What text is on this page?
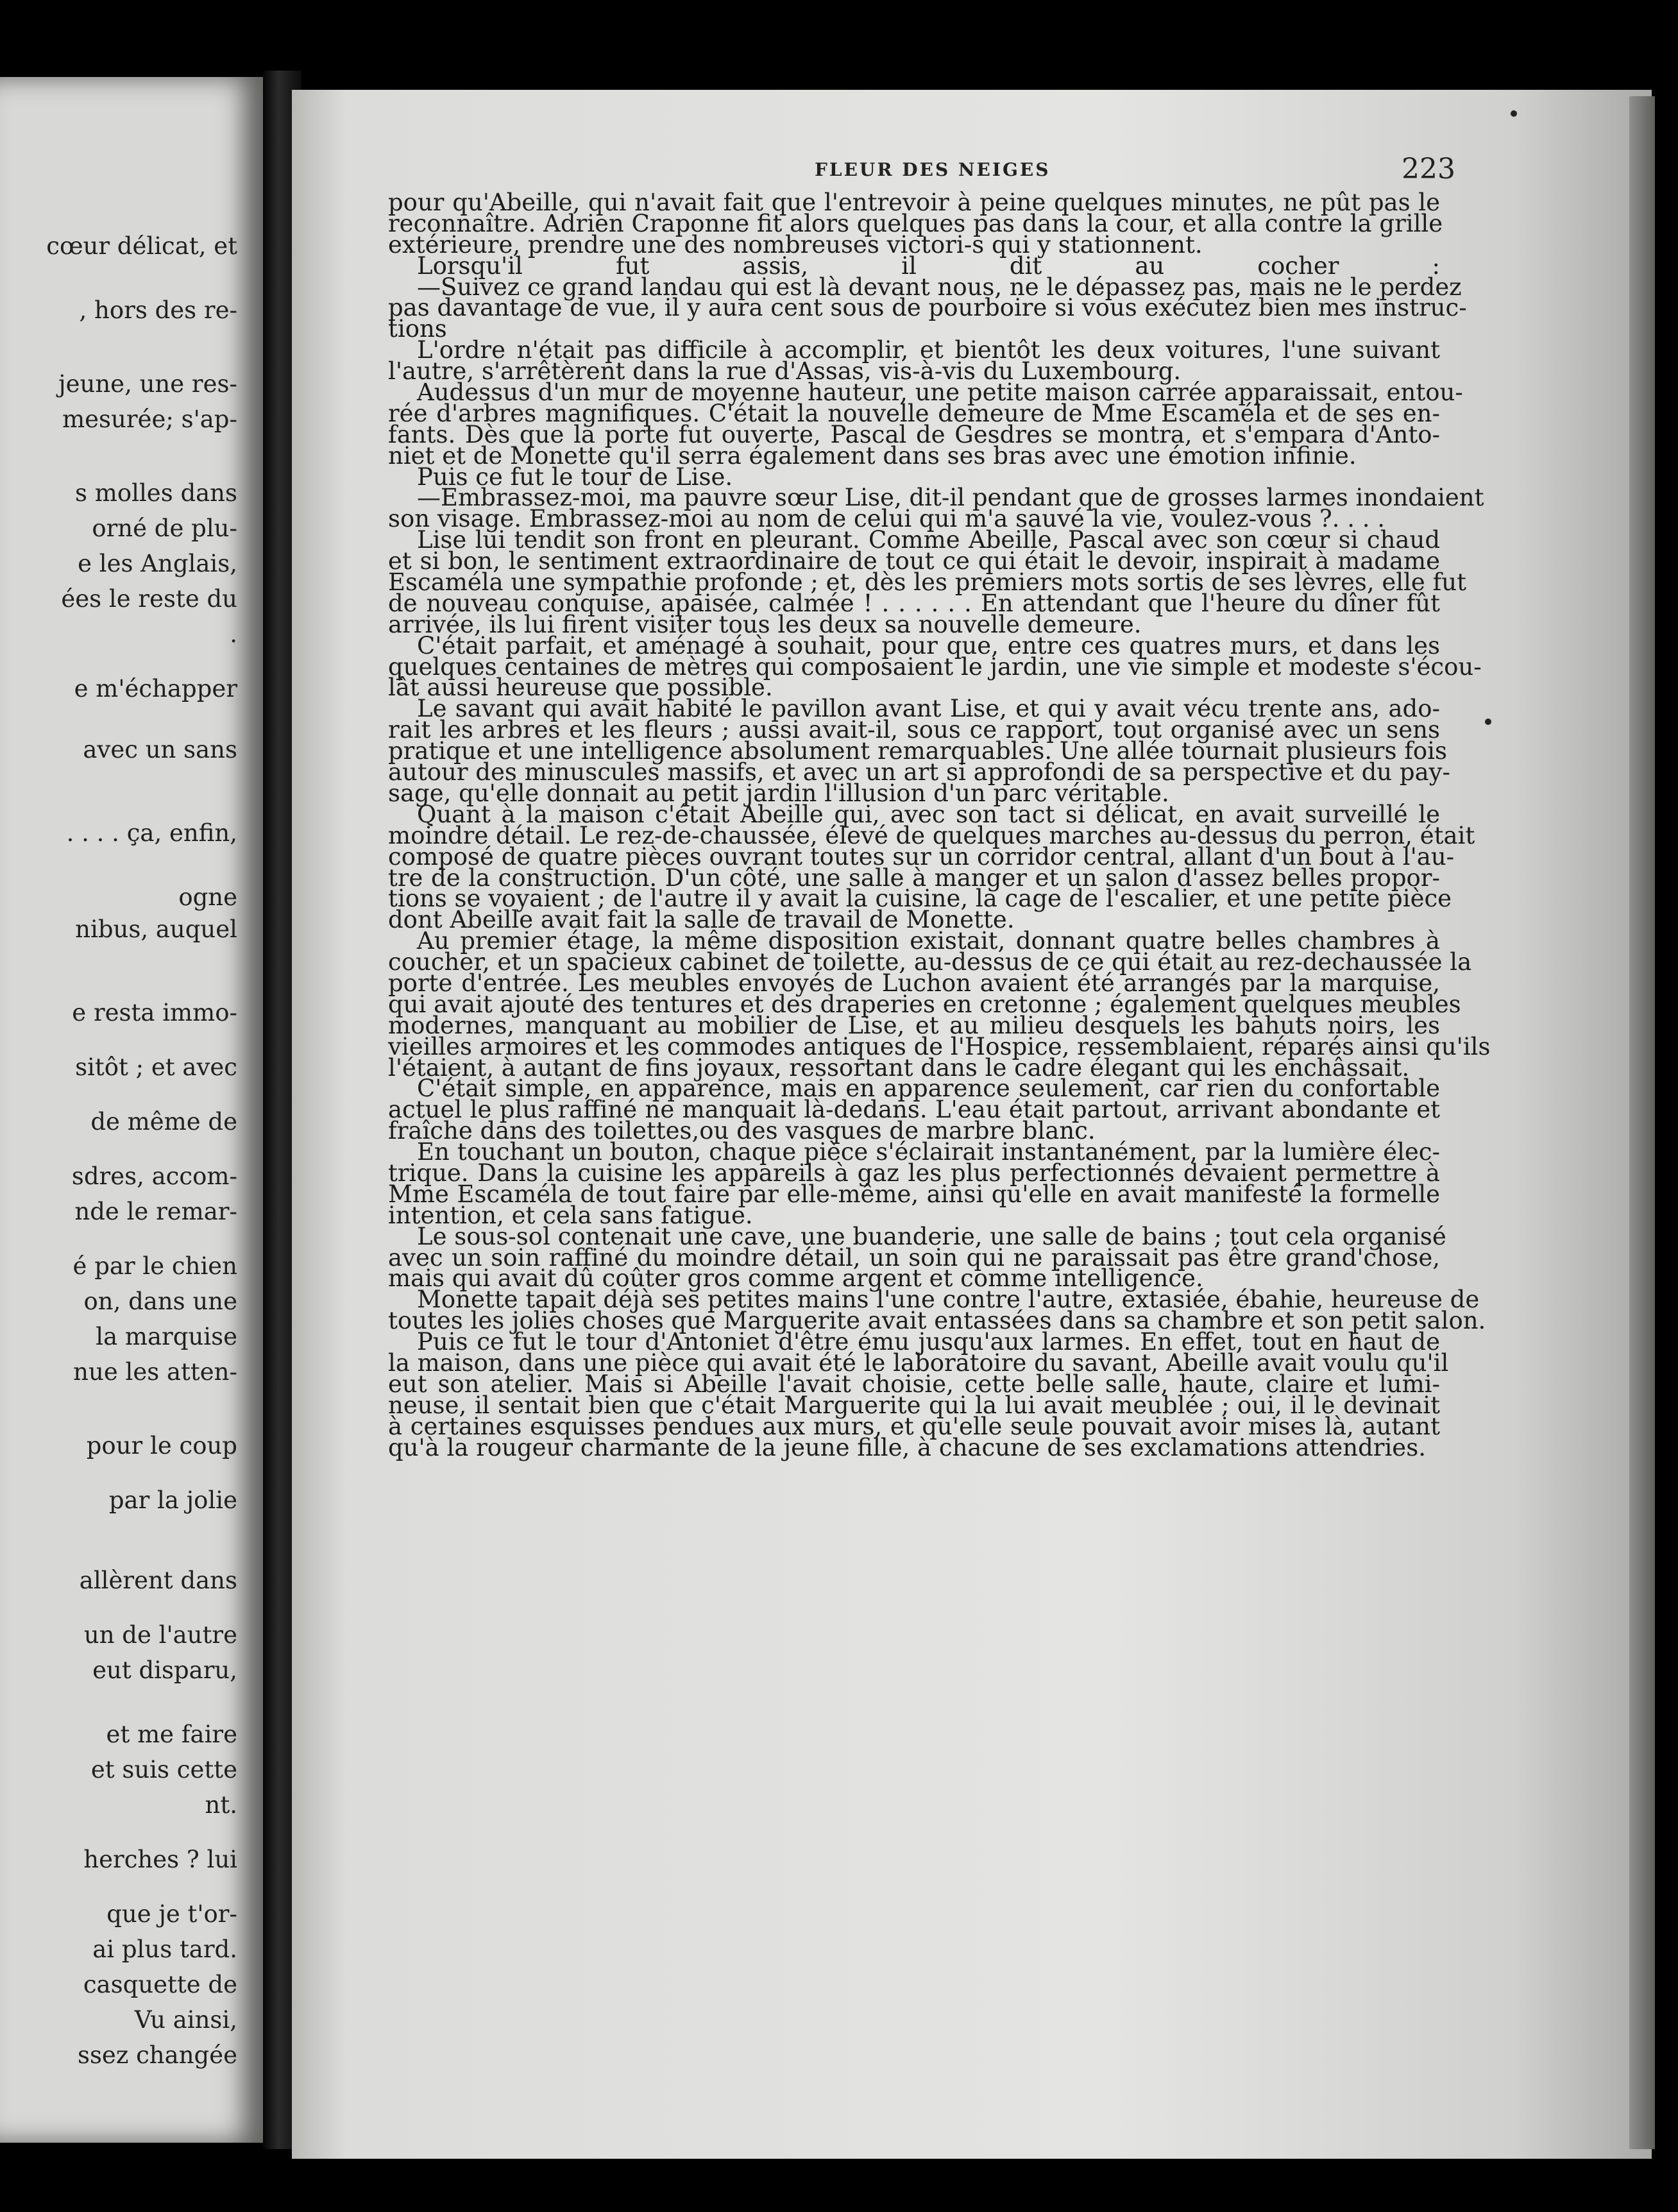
cœur délicat, et
, hors des re-
jeune, une res-
mesurée; s'ap-
s molles dans
orné de plu-
e les Anglais,
ées le reste du
.
e m'échapper
avec un sans
. . . . ça, enfin,
ogne
nibus, auquel
e resta immo-
sitôt ; et avec
de même de
sdres, accom-
nde le remar-
é par le chien
on, dans une
la marquise
nue les atten-
pour le coup
par la jolie
allèrent dans
un de l'autre
eut disparu,
et me faire
et suis cette
nt.
herches ? lui
que je t'or-
ai plus tard.
casquette de
Vu ainsi,
ssez changée
FLEUR DES NEIGES	223
pour qu'Abeille, qui n'avait fait que l'entrevoir à peine quelques minutes, ne pût pas le
reconnaître. Adrien Craponne fit alors quelques pas dans la cour, et alla contre la grille
extérieure, prendre une des nombreuses victori-s qui y stationnent.
Lorsqu'il fut assis, il dit au cocher :
—Suivez ce grand landau qui est là devant nous, ne le dépassez pas, mais ne le perdez
pas davantage de vue, il y aura cent sous de pourboire si vous exécutez bien mes instruc-
tions
L'ordre n'était pas difficile à accomplir, et bientôt les deux voitures, l'une suivant
l'autre, s'arrêtèrent dans la rue d'Assas, vis-à-vis du Luxembourg.
Audessus d'un mur de moyenne hauteur, une petite maison carrée apparaissait, entou-
rée d'arbres magnifiques. C'était la nouvelle demeure de Mme Escaméla et de ses en-
fants. Dès que la porte fut ouverte, Pascal de Gesdres se montra, et s'empara d'Anto-
niet et de Monette qu'il serra également dans ses bras avec une émotion infinie.
Puis ce fut le tour de Lise.
—Embrassez-moi, ma pauvre sœur Lise, dit-il pendant que de grosses larmes inondaient
son visage. Embrassez-moi au nom de celui qui m'a sauvé la vie, voulez-vous ?. . . .
Lise lui tendit son front en pleurant. Comme Abeille, Pascal avec son cœur si chaud
et si bon, le sentiment extraordinaire de tout ce qui était le devoir, inspirait à madame
Escaméla une sympathie profonde ; et, dès les premiers mots sortis de ses lèvres, elle fut
de nouveau conquise, apaisée, calmée ! . . . . . . En attendant que l'heure du dîner fût
arrivée, ils lui firent visiter tous les deux sa nouvelle demeure.
C'était parfait, et aménagé à souhait, pour que, entre ces quatres murs, et dans les
quelques centaines de mètres qui composaient le jardin, une vie simple et modeste s'écou-
lât aussi heureuse que possible.
Le savant qui avait habité le pavillon avant Lise, et qui y avait vécu trente ans, ado-
rait les arbres et les fleurs ; aussi avait-il, sous ce rapport, tout organisé avec un sens
pratique et une intelligence absolument remarquables. Une allée tournait plusieurs fois
autour des minuscules massifs, et avec un art si approfondi de sa perspective et du pay-
sage, qu'elle donnait au petit jardin l'illusion d'un parc véritable.
Quant à la maison c'était Abeille qui, avec son tact si délicat, en avait surveillé le
moindre détail. Le rez-de-chaussée, élevé de quelques marches au-dessus du perron, était
composé de quatre pièces ouvrant toutes sur un corridor central, allant d'un bout à l'au-
tre de la construction. D'un côté, une salle à manger et un salon d'assez belles propor-
tions se voyaient ; de l'autre il y avait la cuisine, la cage de l'escalier, et une petite pièce
dont Abeille avait fait la salle de travail de Monette.
Au premier étage, la même disposition existait, donnant quatre belles chambres à
coucher, et un spacieux cabinet de toilette, au-dessus de ce qui était au rez-dechaussée la
porte d'entrée. Les meubles envoyés de Luchon avaient été arrangés par la marquise,
qui avait ajouté des tentures et des draperies en cretonne ; également quelques meubles
modernes, manquant au mobilier de Lise, et au milieu desquels les bahuts noirs, les
vieilles armoires et les commodes antiques de l'Hospice, ressemblaient, réparés ainsi qu'ils
l'étaient, à autant de fins joyaux, ressortant dans le cadre élegant qui les enchâssait.
C'était simple, en apparence, mais en apparence seulement, car rien du confortable
actuel le plus raffiné ne manquait là-dedans. L'eau était partout, arrivant abondante et
fraîche dans des toilettes,ou des vasques de marbre blanc.
En touchant un bouton, chaque pièce s'éclairait instantanément, par la lumière élec-
trique. Dans la cuisine les appareils à gaz les plus perfectionnés devaient permettre à
Mme Escaméla de tout faire par elle-même, ainsi qu'elle en avait manifesté la formelle
intention, et cela sans fatigue.
Le sous-sol contenait une cave, une buanderie, une salle de bains ; tout cela organisé
avec un soin raffiné du moindre détail, un soin qui ne paraissait pas être grand'chose,
mais qui avait dû coûter gros comme argent et comme intelligence.
Monette tapait déjà ses petites mains l'une contre l'autre, extasiée, ébahie, heureuse de
toutes les jolies choses que Marguerite avait entassées dans sa chambre et son petit salon.
Puis ce fut le tour d'Antoniet d'être ému jusqu'aux larmes. En effet, tout en haut de
la maison, dans une pièce qui avait été le laboratoire du savant, Abeille avait voulu qu'il
eut son atelier. Mais si Abeille l'avait choisie, cette belle salle, haute, claire et lumi-
neuse, il sentait bien que c'était Marguerite qui la lui avait meublée ; oui, il le devinait
à certaines esquisses pendues aux murs, et qu'elle seule pouvait avoir mises là, autant
qu'à la rougeur charmante de la jeune fille, à chacune de ses exclamations attendries.
